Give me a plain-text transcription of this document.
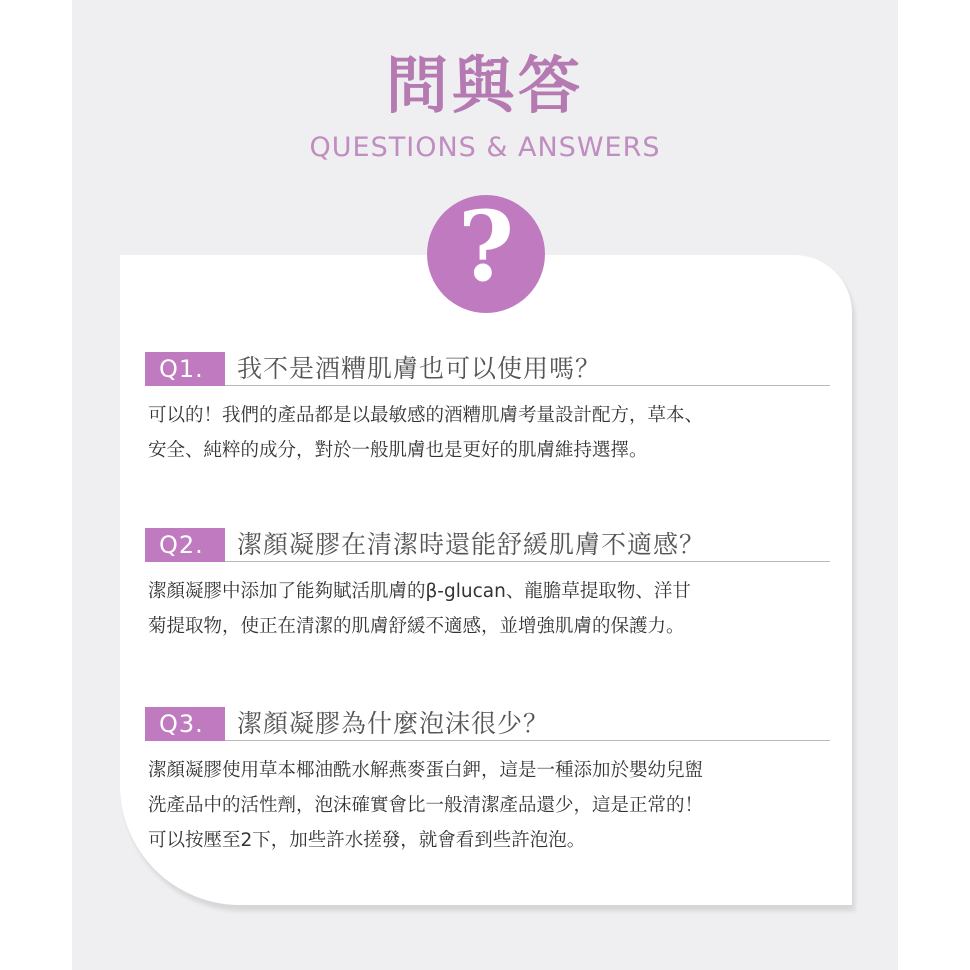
問與答
QUESTIONS & ANSWERS
?
Q1.	我不是酒糟肌膚也可以使用嗎？
可以的！我們的產品都是以最敏感的酒糟肌膚考量設計配方，草本、
安全、純粹的成分，對於一般肌膚也是更好的肌膚維持選擇。
Q2.	潔顏凝膠在清潔時還能舒緩肌膚不適感？
潔顏凝膠中添加了能夠賦活肌膚的β-glucan、龍膽草提取物、洋甘
菊提取物，使正在清潔的肌膚舒緩不適感，並增強肌膚的保護力。
Q3.	潔顏凝膠為什麼泡沫很少？
潔顏凝膠使用草本椰油酰水解燕麥蛋白鉀，這是一種添加於嬰幼兒盥
洗產品中的活性劑，泡沫確實會比一般清潔產品還少，這是正常的！
可以按壓至2下，加些許水搓發，就會看到些許泡泡。
